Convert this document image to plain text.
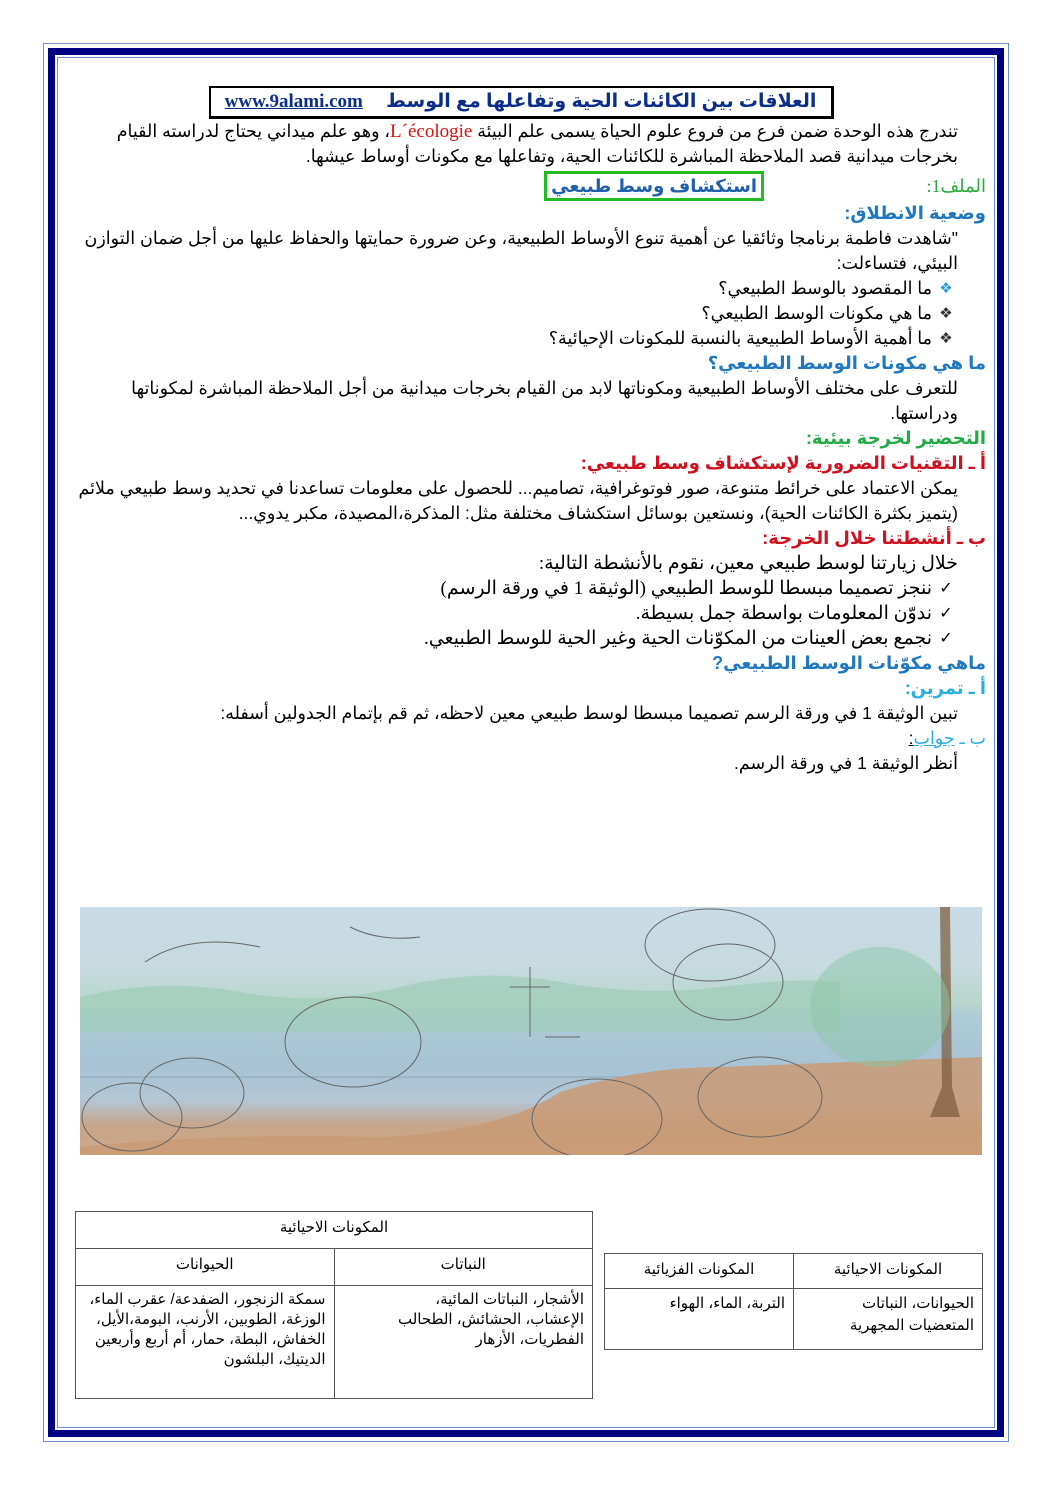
العلاقات بين الكائنات الحية وتفاعلها مع الوسط www.9alami.com

تندرج هذه الوحدة ضمن فرع من فروع علوم الحياة يسمى علم البيئة L´écologie، وهو علم ميداني يحتاج لدراسته القيام بخرجات ميدانية قصد الملاحظة المباشرة للكائنات الحية، وتفاعلها مع مكونات أوساط عيشها.

الملف1:
استكشاف وسط طبيعي
وضعية الانطلاق:

"شاهدت فاطمة برنامجا وثائقيا عن أهمية تنوع الأوساط الطبيعية، وعن ضرورة حمايتها والحفاظ عليها من أجل ضمان التوازن البيئي، فتساءلت:

❖
ما المقصود بالوسط الطبيعي؟
❖
ما هي مكونات الوسط الطبيعي؟
❖
ما أهمية الأوساط الطبيعية بالنسبة للمكونات الإحيائية؟
ما هي مكونات الوسط الطبيعي؟

للتعرف على مختلف الأوساط الطبيعية ومكوناتها لابد من القيام بخرجات ميدانية من أجل الملاحظة المباشرة لمكوناتها ودراستها.

التحضير لخرجة بيئية:
أ ـ التقنيات الضرورية لإستكشاف وسط طبيعي:

يمكن الاعتماد على خرائط متنوعة، صور فوتوغرافية، تصاميم... للحصول على معلومات تساعدنا في تحديد وسط طبيعي ملائم (يتميز بكثرة الكائنات الحية)، ونستعين بوسائل استكشاف مختلفة مثل: المذكرة،المصيدة، مكبر يدوي...

ب ـ أنشطتنا خلال الخرجة:

خلال زيارتنا لوسط طبيعي معين، نقوم بالأنشطة التالية:

✓
ننجز تصميما مبسطا للوسط الطبيعي (الوثيقة 1 في ورقة الرسم)
✓
ندوّن المعلومات بواسطة جمل بسيطة.
✓
نجمع بعض العينات من المكوّنات الحية وغير الحية للوسط الطبيعي.
ماهي مكوّنات الوسط الطبيعي?
أ ـ تمرين:

تبين الوثيقة 1 في ورقة الرسم تصميما مبسطا لوسط طبيعي معين لاحظه، ثم قم بإتمام الجدولين أسفله:

ب ـ جواب:

أنظر الوثيقة 1 في ورقة الرسم.

المكونات الاحيائية	
النباتات	الحيوانات
الأشجار، النباتات المائية، الإعشاب، الحشائش، الطحالب الفطريات، الأزهار	سمكة الزنجور، الضفدعة/ عقرب الماء، الوزغة، الطوبين، الأرنب، البومة،الأيل، الخفاش، البطة، حمار، أم أربع وأربعين الديتيك، البلشون
المكونات الاحيائية	المكونات الفزيائية
الحيوانات، النباتات المتعضيات المجهرية	التربة، الماء، الهواء
